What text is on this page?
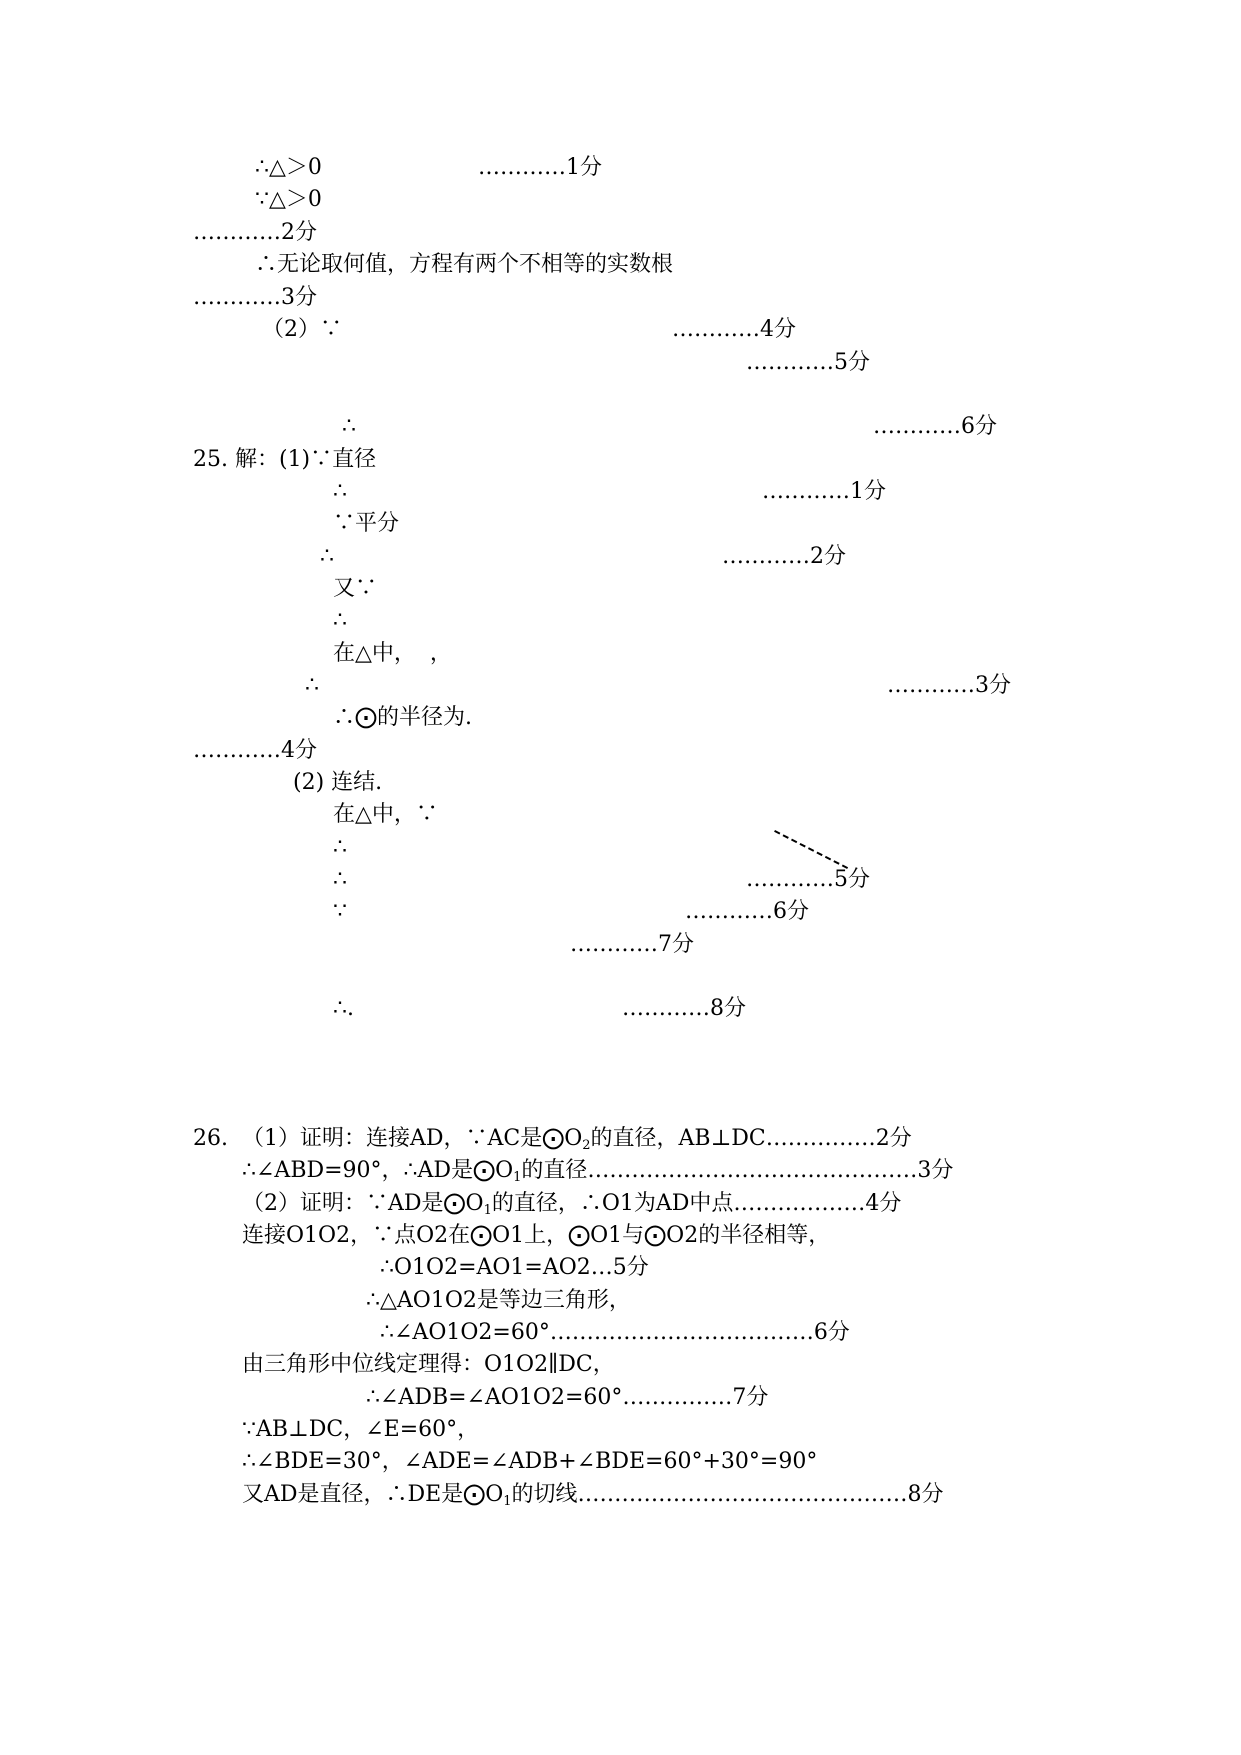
∴△＞0	…………1分
∵△＞0
…………2分
∴无论取何值，方程有两个不相等的实数根
…………3分
（2）∵	…………4分
…………5分
∴	…………6分
25. 解：(1)∵直径
∴	…………1分
∵平分
∴	…………2分
又∵
∴
在△中，  ，
∴	…………3分
∴⨀的半径为.
…………4分
(2) 连结.
在△中，∵
∴
∴	…………5分
∵	…………6分
…………7分
∴.	…………8分
26.  （1）证明：连接AD，∵AC是$⨀O_2$的直径，AB⊥DC……………2分
∴∠ABD=90°，∴AD是$⨀O_1$的直径………………………………………3分
（2）证明：∵AD是$⨀O_1$的直径，∴O1为AD中点………………4分
连接O1O2，∵点O2在⨀O1上，⨀O1与⨀O2的半径相等，
∴O1O2=AO1=AO2…5分
∴△AO1O2是等边三角形，
∴∠AO1O2=60°………………………………6分
由三角形中位线定理得：O1O2∥DC，
∴∠ADB=∠AO1O2=60°……………7分
∵AB⊥DC，∠E=60°，
∴∠BDE=30°，∠ADE=∠ADB+∠BDE=60°+30°=90°
又AD是直径，∴DE是$⨀O_1$的切线………………………………………8分
